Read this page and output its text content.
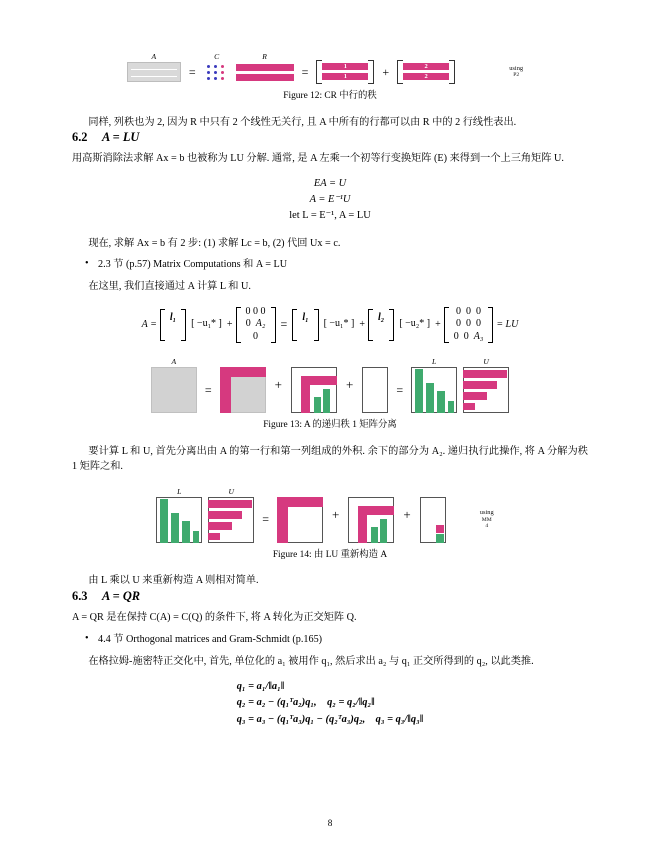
A
=
C	R
=	1
1	+	2
2
using
P2

Figure 12: CR 中行的秩

同样, 列秩也为 2, 因为 R 中只有 2 个线性无关行, 且 A 中所有的行都可以由 R 中的 2 行线性表出.

6.2 A = LU

用高斯消除法求解 Ax = b 也被称为 LU 分解. 通常, 是 A 左乘一个初等行变换矩阵 (E) 来得到一个上三角矩阵 U.

EA = U
A = E⁻¹U
let L = E⁻¹, A = LU

现在, 求解 Ax = b 有 2 步: (1) 求解 Lc = b, (2) 代回 Ux = c.

• 2.3 节 (p.57) Matrix Computations 和 A = LU

在这里, 我们直接通过 A 计算 L 和 U.

A =
l₁

[ −u₁* ] +
0 0 0
0 A₂
0
= l₁

[ −u₁* ] +
l₂

[ −u₂* ] +
0 0 0
0 0 0
0 0 A₃
= LU
A
=	+	+	=
L	U

Figure 13: A 的递归秩 1 矩阵分离

要计算 L 和 U, 首先分离出由 A 的第一行和第一列组成的外积. 余下的部分为 A₂. 递归执行此操作, 将 A 分解为秩 1 矩阵之和.

L	U
=	+	+	using
MM
4

Figure 14: 由 LU 重新构造 A

由 L 乘以 U 来重新构造 A 则相对简单.

6.3 A = QR

A = QR 是在保持 C(A) = C(Q) 的条件下, 将 A 转化为正交矩阵 Q.

• 4.4 节 Orthogonal matrices and Gram-Schmidt (p.165)

在格拉姆-施密特正交化中, 首先, 单位化的 a₁ 被用作 q₁, 然后求出 a₂ 与 q₁ 正交所得到的 q₂, 以此类推.

q₁ = a₁/‖a₁‖
q₂ = a₂ − (q₁ᵀa₂)q₁, q₂ = q₂/‖q₂‖
q₃ = a₃ − (q₁ᵀa₃)q₁ − (q₂ᵀa₃)q₂, q₃ = q₃/‖q₃‖
8
